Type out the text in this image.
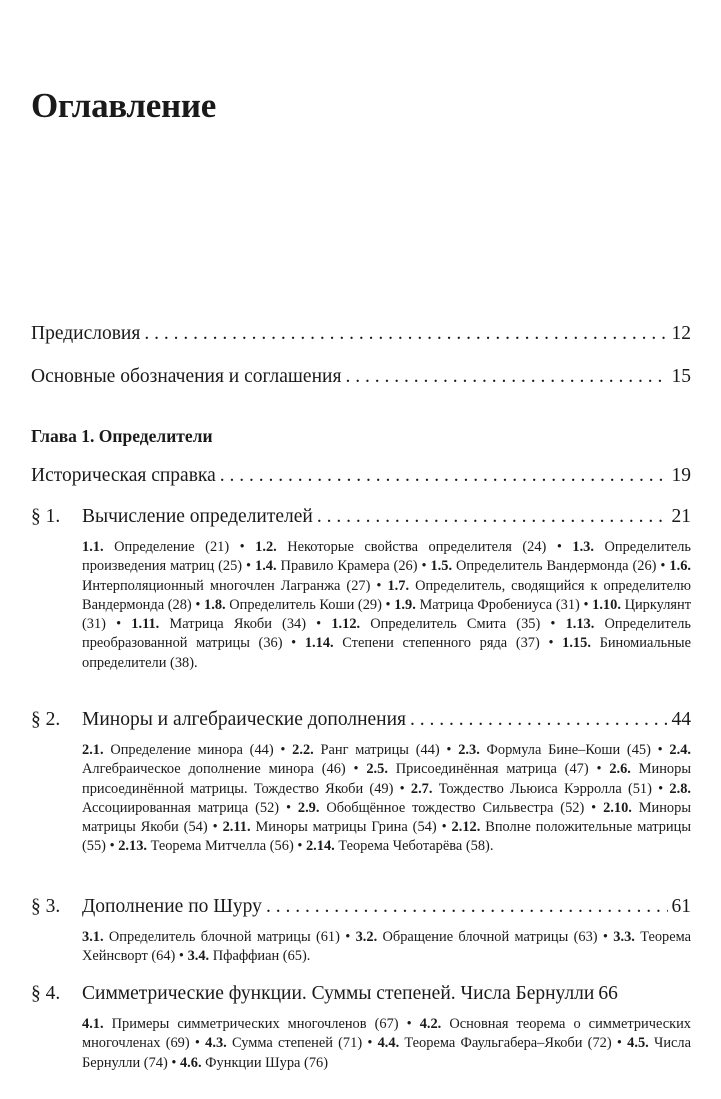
Оглавление
Предисловия . . .	12
Основные обозначения и соглашения . . .	15
Глава 1. Определители
Историческая справка . . .	19
§ 1. Вычисление определителей . . .	21
1.1. Определение (21) • 1.2. Некоторые свойства определителя (24) • 1.3. Определитель произведения матриц (25) • 1.4. Правило Крамера (26) • 1.5. Определитель Вандермонда (26) • 1.6. Интерполяционный многочлен Лагранжа (27) • 1.7. Определитель, сводящийся к определителю Вандермонда (28) • 1.8. Определитель Коши (29) • 1.9. Матрица Фробениуса (31) • 1.10. Циркулянт (31) • 1.11. Матрица Якоби (34) • 1.12. Определитель Смита (35) • 1.13. Определитель преобразованной матрицы (36) • 1.14. Степени степенного ряда (37) • 1.15. Биномиальные определители (38).
§ 2. Миноры и алгебраические дополнения . . .	44
2.1. Определение минора (44) • 2.2. Ранг матрицы (44) • 2.3. Формула Бине–Коши (45) • 2.4. Алгебраическое дополнение минора (46) • 2.5. Присоединённая матрица (47) • 2.6. Миноры присоединённой матрицы. Тождество Якоби (49) • 2.7. Тождество Льюиса Кэрролла (51) • 2.8. Ассоциированная матрица (52) • 2.9. Обобщённое тождество Сильвестра (52) • 2.10. Миноры матрицы Якоби (54) • 2.11. Миноры матрицы Грина (54) • 2.12. Вполне положительные матрицы (55) • 2.13. Теорема Митчелла (56) • 2.14. Теорема Чеботарёва (58).
§ 3. Дополнение по Шуру . . .	61
3.1. Определитель блочной матрицы (61) • 3.2. Обращение блочной матрицы (63) • 3.3. Теорема Хейнсворт (64) • 3.4. Пфаффиан (65).
§ 4. Симметрические функции. Суммы степеней. Числа Бернулли 66
4.1. Примеры симметрических многочленов (67) • 4.2. Основная теорема о симметрических многочленах (69) • 4.3. Сумма степеней (71) • 4.4. Теорема Фаульгабера–Якоби (72) • 4.5. Числа Бернулли (74) • 4.6. Функции Шура (76)
